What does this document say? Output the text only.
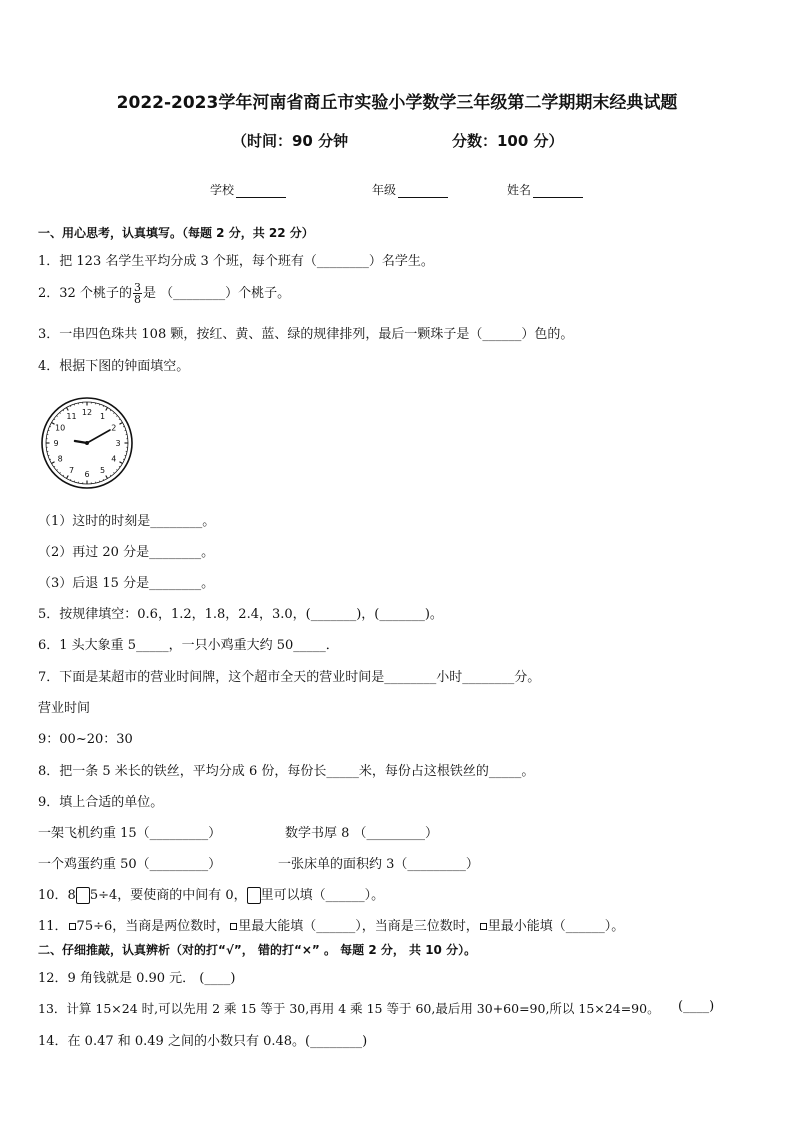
2022-2023学年河南省商丘市实验小学数学三年级第二学期期末经典试题
（时间：90 分钟	分数：100 分）
学校	年级	姓名
一、用心思考，认真填写。（每题 2 分，共 22 分）
1．把 123 名学生平均分成 3 个班，每个班有（________）名学生。
2．32 个桃子的 $\frac{3}{8}$ 是 （________）个桃子。
3．一串四色珠共 108 颗，按红、黄、蓝、绿的规律排列，最后一颗珠子是（______）色的。
4．根据下图的钟面填空。
12 1
2
3
4
5
6
7
8
9
10
11
（1）这时的时刻是________。
（2）再过 20 分是________。
（3）后退 15 分是________。
5．按规律填空：0.6，1.2，1.8，2.4，3.0，(_______)，(_______)。
6．1 头大象重 5_____，一只小鸡重大约 50_____．
7．下面是某超市的营业时间牌，这个超市全天的营业时间是________小时________分。
营业时间
9：00~20：30
8．把一条 5 米长的铁丝，平均分成 6 份，每份长_____米，每份占这根铁丝的_____。
9．填上合适的单位。
一架飞机约重 15（_________）	数学书厚 8 （_________）
一个鸡蛋约重 50（_________）	一张床单的面积约 3（_________）
10．8 5÷4，要使商的中间有 0， 里可以填（______）。
11． 75÷6，当商是两位数时， 里最大能填（______），当商是三位数时， 里最小能填（______）。
二、仔细推敲，认真辨析（对的打“√”， 错的打“×” 。 每题 2 分， 共 10 分）。
12．9 角钱就是 0.90 元． (____)
13．计算 15×24 时,可以先用 2 乘 15 等于 30,再用 4 乘 15 等于 60,最后用 30+60=90,所以 15×24=90。 (____)
14．在 0.47 和 0.49 之间的小数只有 0.48。(________)
